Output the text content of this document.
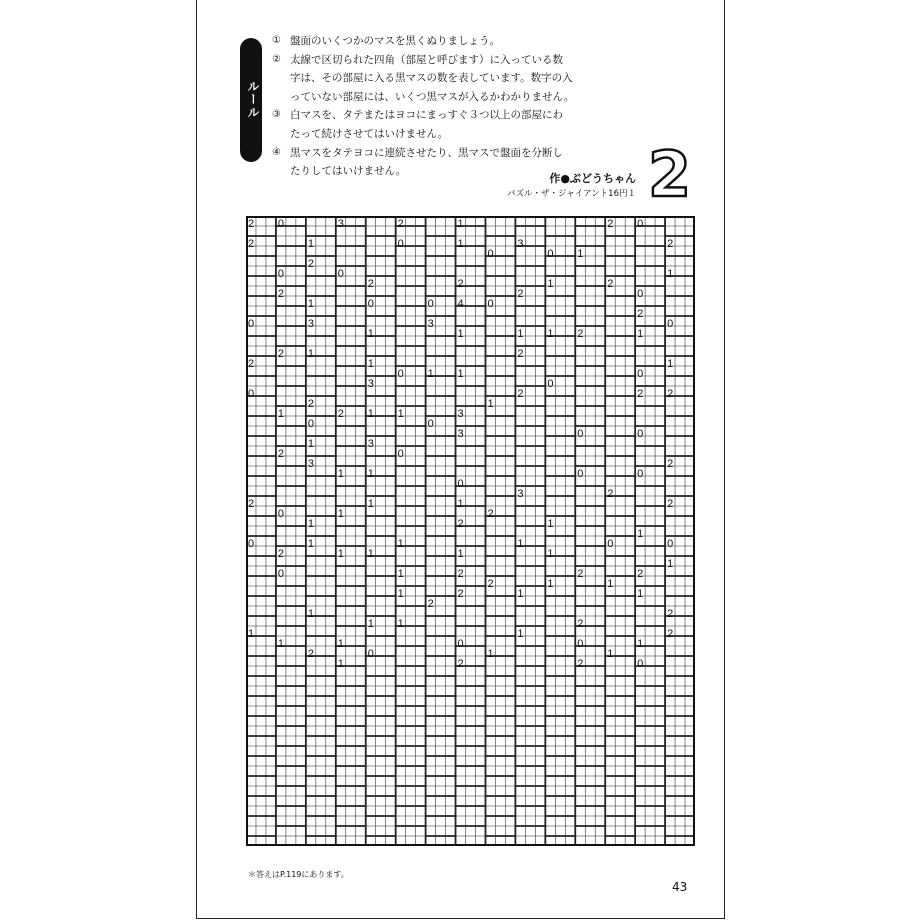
ルール
① 盤面のいくつかのマスを黒くぬりましょう。
② 太線で区切られた四角（部屋と呼びます）に入っている数
字は、その部屋に入る黒マスの数を表しています。数字の入
っていない部屋には、いくつ黒マスが入るかわかりません。
③ 白マスを、タテまたはヨコにまっすぐ３つ以上の部屋にわ
たって続けさせてはいけません。
④ 黒マスをタテヨコに連続させたり、黒マスで盤面を分断し
たりしてはいけません。
作●ぶどうちゃん
パズル・ザ・ジャイアント16円１ 2
2 0	3	2	1	2 0
2	1	0	1	3	2
0	0 1
2
0	0	1
2	2	1	2
2	2	0
1	0	0 4 0
2
0	3	3	0
1	1	1 1 2	1
2 1	2
2	1	1
0 1 1	0
3	0
0	2	2 2
2	1
1	2 1 1	3
0	0
3	0	0
1	3
2	0
3	2
1 1	0	0
0
3	2
2	1	1	2
0	1	2
1	2	1
1
0	1	1	1	0	0
2	1 1	1	1
1
0	1	2	2	2
2	1	1
1	2	1	1
2
1	2
1 1	2
1	1	2
1	1	0	0	1
2	0	1	1
1	2	2	0
＊答えはP.119にあります。
43
